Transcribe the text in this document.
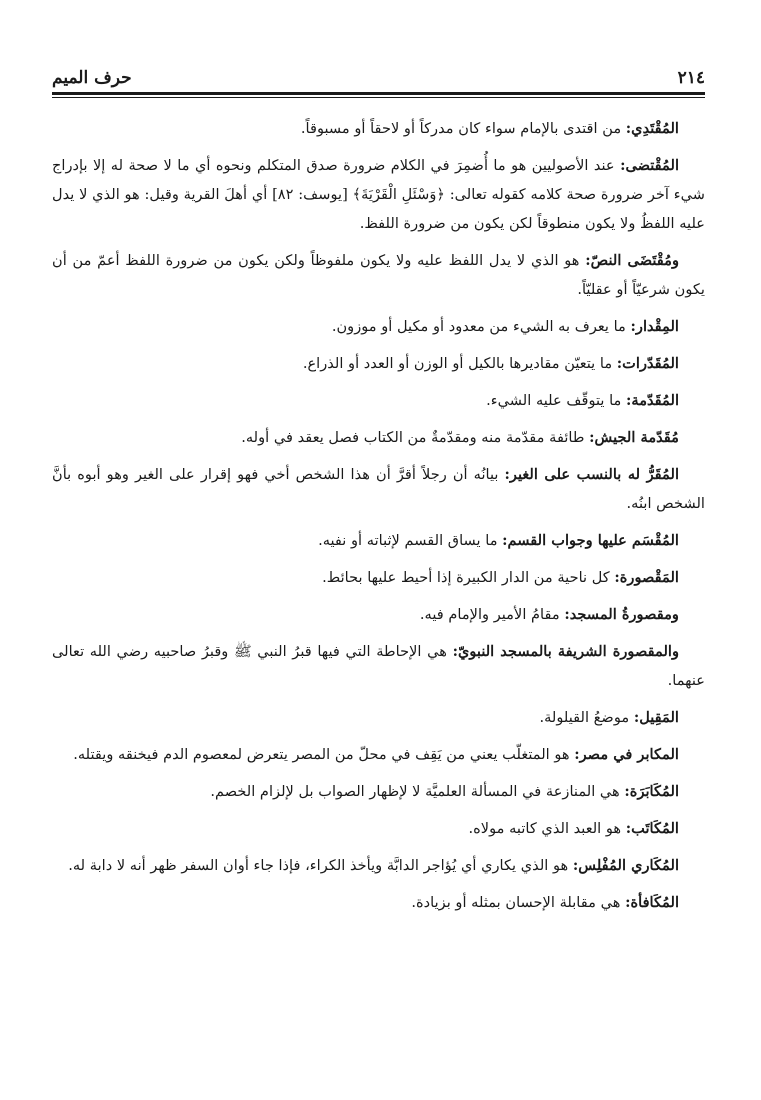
٢١٤
حرف الميم

المُقْتَدِي: من اقتدى بالإمام سواء كان مدركاً أو لاحقاً أو مسبوقاً.

المُقْتضى: عند الأصوليين هو ما أُضمِرَ في الكلام ضرورة صدق المتكلم ونحوه أي ما لا صحة له إلا بإدراج شيء آخر ضرورة صحة كلامه كقوله تعالى: ﴿وَسْئَلِ الْقَرْيَةَ﴾ [يوسف: ٨٢] أي أهلَ القرية وقيل: هو الذي لا يدل عليه اللفظُ ولا يكون منطوقاً لكن يكون من ضرورة اللفظ.

ومُقْتَضَى النصّ: هو الذي لا يدل اللفظ عليه ولا يكون ملفوظاً ولكن يكون من ضرورة اللفظ أعمّ من أن يكون شرعيّاً أو عقليّاً.

المِقْدار: ما يعرف به الشيء من معدود أو مكيل أو موزون.

المُقَدّرات: ما يتعيّن مقاديرها بالكيل أو الوزن أو العدد أو الذراع.

المُقَدّمة: ما يتوقّف عليه الشيء.

مُقَدّمة الجيش: طائفة مقدّمة منه ومقدّمةٌ من الكتاب فصل يعقد في أوله.

المُقَرُّ له بالنسب على الغير: بيانُه أن رجلاً أقرَّ أن هذا الشخص أخي فهو إقرار على الغير وهو أبوه بأنَّ الشخص ابنُه.

المُقْسَم عليها وجواب القسم: ما يساق القسم لإثباته أو نفيه.

المَقْصورة: كل ناحية من الدار الكبيرة إذا أحيط عليها بحائط.

ومقصورةُ المسجد: مقامُ الأمير والإمام فيه.

والمقصورة الشريفة بالمسجد النبويّ: هي الإحاطة التي فيها قبرُ النبي ﷺ وقبرُ صاحبيه رضي الله تعالى عنهما.

المَقِيل: موضعُ القيلولة.

المكابر في مصر: هو المتغلّب يعني من يَقِف في محلّ من المصر يتعرض لمعصوم الدم فيخنقه ويقتله.

المُكَابَرَة: هي المنازعة في المسألة العلميَّة لا لإظهار الصواب بل لإلزام الخصم.

المُكَاتَب: هو العبد الذي كاتبه مولاه.

المُكَاري المُفْلِس: هو الذي يكاري أي يُؤاجر الدابَّة ويأخذ الكراء، فإذا جاء أوان السفر ظهر أنه لا دابة له.

المُكَافأة: هي مقابلة الإحسان بمثله أو بزيادة.
